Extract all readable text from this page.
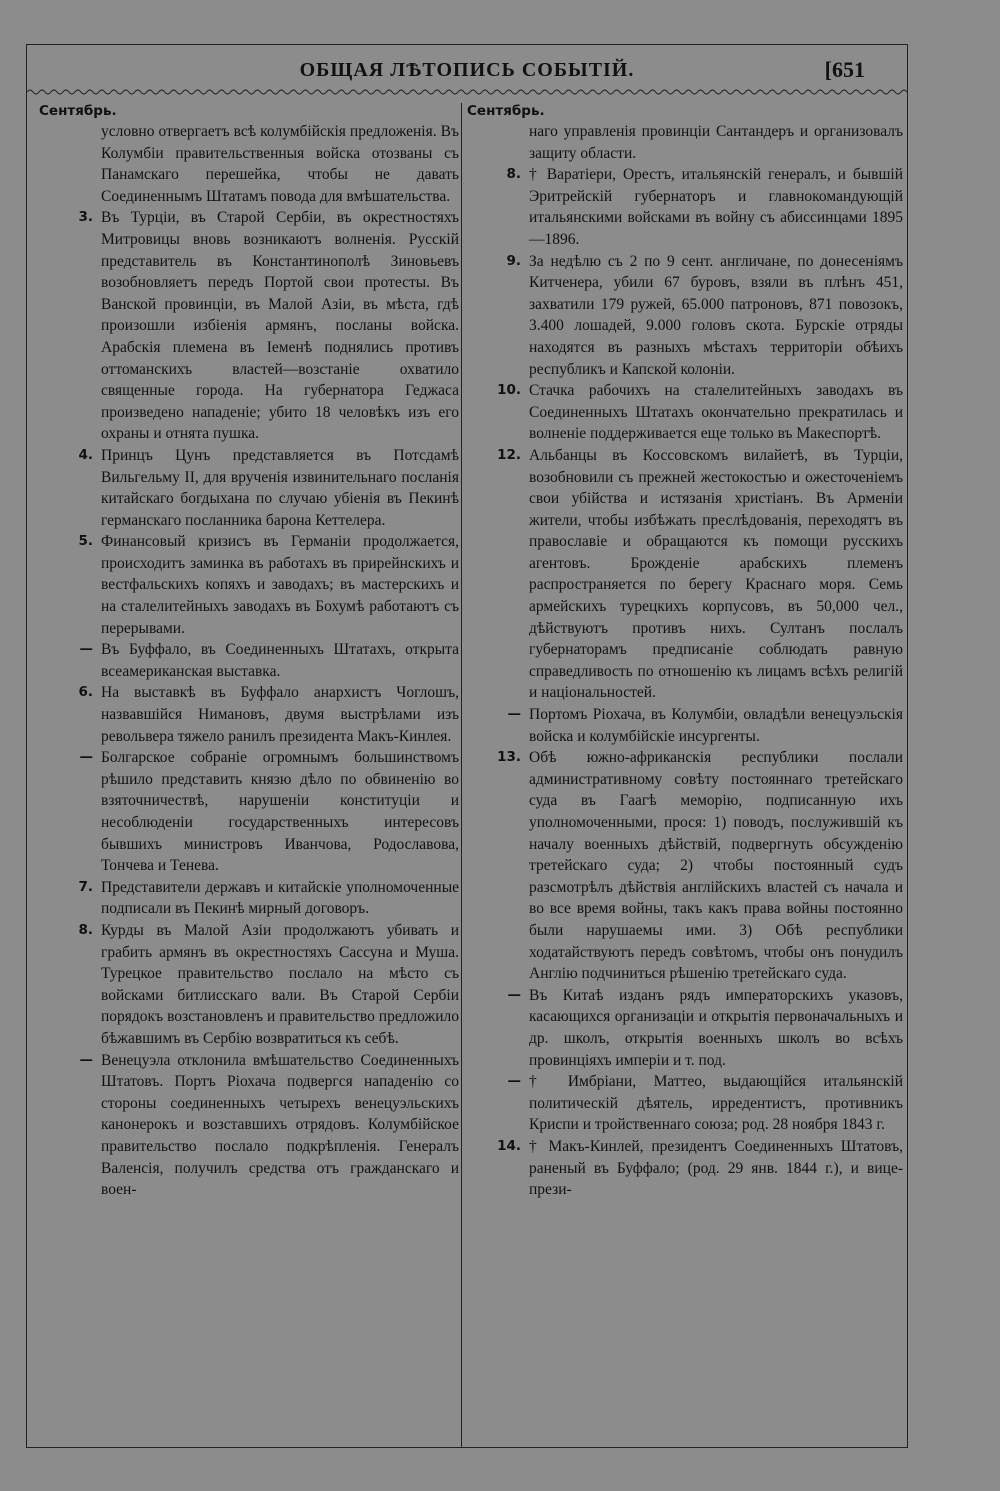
ОБЩАЯ ЛѢТОПИСЬ СОБЫТІЙ.	[651
Сентябрь.
условно отвергаетъ всѣ колумбійскія предложенія. Въ Колумбіи правительственныя войска отозваны съ Панамскаго перешейка, чтобы не давать Соединеннымъ Штатамъ повода для вмѣшательства.
3. Въ Турціи, въ Старой Сербіи, въ окрестностяхъ Митровицы вновь возникаютъ волненія. Русскій представитель въ Константинополѣ Зиновьевъ возобновляетъ передъ Портой свои протесты. Въ Ванской провинціи, въ Малой Азіи, въ мѣста, гдѣ произошли избіенія армянъ, посланы войска. Арабскія племена въ Іеменѣ поднялись противъ оттоманскихъ властей—возстаніе охватило священные города. На губернатора Геджаса произведено нападеніе; убито 18 человѣкъ изъ его охраны и отнята пушка.
4. Принцъ Цунъ представляется въ Потсдамѣ Вильгельму II, для врученія извинительнаго посланія китайскаго богдыхана по случаю убіенія въ Пекинѣ германскаго посланника барона Кеттелера.
5. Финансовый кризисъ въ Германіи продолжается, происходитъ заминка въ работахъ въ прирейнскихъ и вестфальскихъ копяхъ и заводахъ; въ мастерскихъ и на сталелитейныхъ заводахъ въ Бохумѣ работаютъ съ перерывами.
— Въ Буффало, въ Соединенныхъ Штатахъ, открыта всеамериканская выставка.
6. На выставкѣ въ Буффало анархистъ Чоглошъ, назвавшійся Нимановъ, двумя выстрѣлами изъ револьвера тяжело ранилъ президента Макъ-Кинлея.
— Болгарское собраніе огромнымъ большинствомъ рѣшило представить князю дѣло по обвиненію во взяточничествѣ, нарушеніи конституціи и несоблюденіи государственныхъ интересовъ бывшихъ министровъ Иванчова, Родославова, Тончева и Тенева.
7. Представители державъ и китайскіе уполномоченные подписали въ Пекинѣ мирный договоръ.
8. Курды въ Малой Азіи продолжаютъ убивать и грабить армянъ въ окрестностяхъ Сассуна и Муша. Турецкое правительство послало на мѣсто съ войсками битлисскаго вали. Въ Старой Сербіи порядокъ возстановленъ и правительство предложило бѣжавшимъ въ Сербію возвратиться къ себѣ.
— Венецуэла отклонила вмѣшательство Соединенныхъ Штатовъ. Портъ Ріохача подвергся нападенію со стороны соединенныхъ четырехъ венецуэльскихъ канонерокъ и возставшихъ отрядовъ. Колумбійское правительство послало подкрѣпленія. Генералъ Валенсія, получилъ средства отъ гражданскаго и воен-
Сентябрь.
наго управленія провинціи Сантандеръ и организовалъ защиту области.
8. † Варатіери, Орестъ, итальянскій генералъ, и бывшій Эритрейскій губернаторъ и главнокомандующій итальянскими войсками въ войну съ абиссинцами 1895—1896.
9. За недѣлю съ 2 по 9 сент. англичане, по донесеніямъ Китченера, убили 67 буровъ, взяли въ плѣнъ 451, захватили 179 ружей, 65.000 патроновъ, 871 повозокъ, 3.400 лошадей, 9.000 головъ скота. Бурскіе отряды находятся въ разныхъ мѣстахъ территоріи обѣихъ республикъ и Капской колоніи.
10. Стачка рабочихъ на сталелитейныхъ заводахъ въ Соединенныхъ Штатахъ окончательно прекратилась и волненіе поддерживается еще только въ Макеспортѣ.
12. Альбанцы въ Коссовскомъ вилайетѣ, въ Турціи, возобновили съ прежней жестокостью и ожесточеніемъ свои убійства и истязанія христіанъ. Въ Арменіи жители, чтобы избѣжать преслѣдованія, переходятъ въ православіе и обращаются къ помощи русскихъ агентовъ. Брожденіе арабскихъ племенъ распространяется по берегу Краснаго моря. Семь армейскихъ турецкихъ корпусовъ, въ 50,000 чел., дѣйствуютъ противъ нихъ. Султанъ послалъ губернаторамъ предписаніе соблюдать равную справедливость по отношенію къ лицамъ всѣхъ религій и національностей.
— Портомъ Ріохача, въ Колумбіи, овладѣли венецуэльскія войска и колумбійскіе инсургенты.
13. Обѣ южно-африканскія республики послали административному совѣту постояннаго третейскаго суда въ Гаагѣ меморію, подписанную ихъ уполномоченными, прося: 1) поводъ, послужившій къ началу военныхъ дѣйствій, подвергнуть обсужденію третейскаго суда; 2) чтобы постоянный судъ разсмотрѣлъ дѣйствія англійскихъ властей съ начала и во все время войны, такъ какъ права войны постоянно были нарушаемы ими. 3) Обѣ республики ходатайствуютъ передъ совѣтомъ, чтобы онъ понудилъ Англію подчиниться рѣшенію третейскаго суда.
— Въ Китаѣ изданъ рядъ императорскихъ указовъ, касающихся организаціи и открытія первоначальныхъ и др. школъ, открытія военныхъ школъ во всѣхъ провинціяхъ имперіи и т. под.
— † Имбріани, Маттео, выдающійся итальянскій политическій дѣятель, ирредентистъ, противникъ Криспи и тройственнаго союза; род. 28 ноября 1843 г.
14. † Макъ-Кинлей, президентъ Соединенныхъ Штатовъ, раненый въ Буффало; (род. 29 янв. 1844 г.), и вице-прези-
